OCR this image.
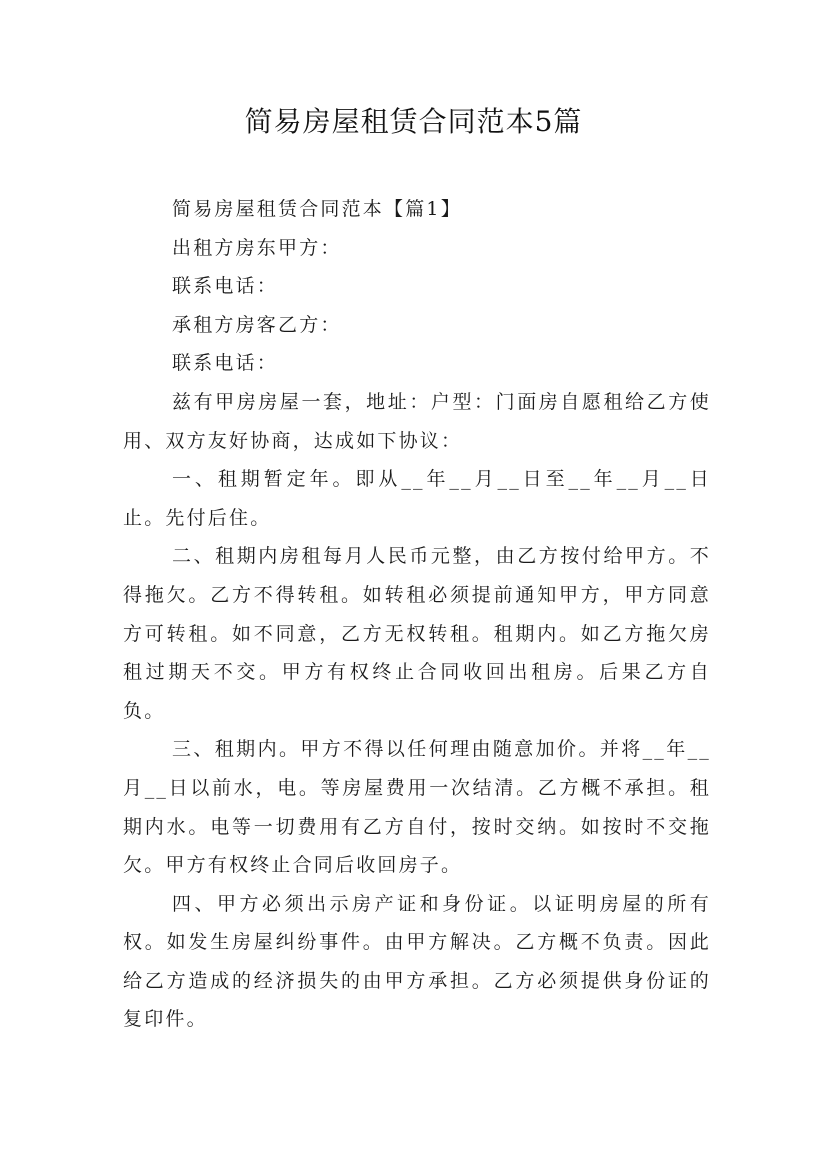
简易房屋租赁合同范本5篇

简易房屋租赁合同范本【篇1】

出租方房东甲方：

联系电话：

承租方房客乙方：

联系电话：

兹有甲房房屋一套，地址：户型：门面房自愿租给乙方使用、双方友好协商，达成如下协议：

一、租期暂定年。即从__年__月__日至__年__月__日止。先付后住。

二、租期内房租每月人民币元整，由乙方按付给甲方。不得拖欠。乙方不得转租。如转租必须提前通知甲方，甲方同意方可转租。如不同意，乙方无权转租。租期内。如乙方拖欠房租过期天不交。甲方有权终止合同收回出租房。后果乙方自负。

三、租期内。甲方不得以任何理由随意加价。并将__年__月__日以前水，电。等房屋费用一次结清。乙方概不承担。租期内水。电等一切费用有乙方自付，按时交纳。如按时不交拖欠。甲方有权终止合同后收回房子。

四、甲方必须出示房产证和身份证。以证明房屋的所有权。如发生房屋纠纷事件。由甲方解决。乙方概不负责。因此给乙方造成的经济损失的由甲方承担。乙方必须提供身份证的复印件。
